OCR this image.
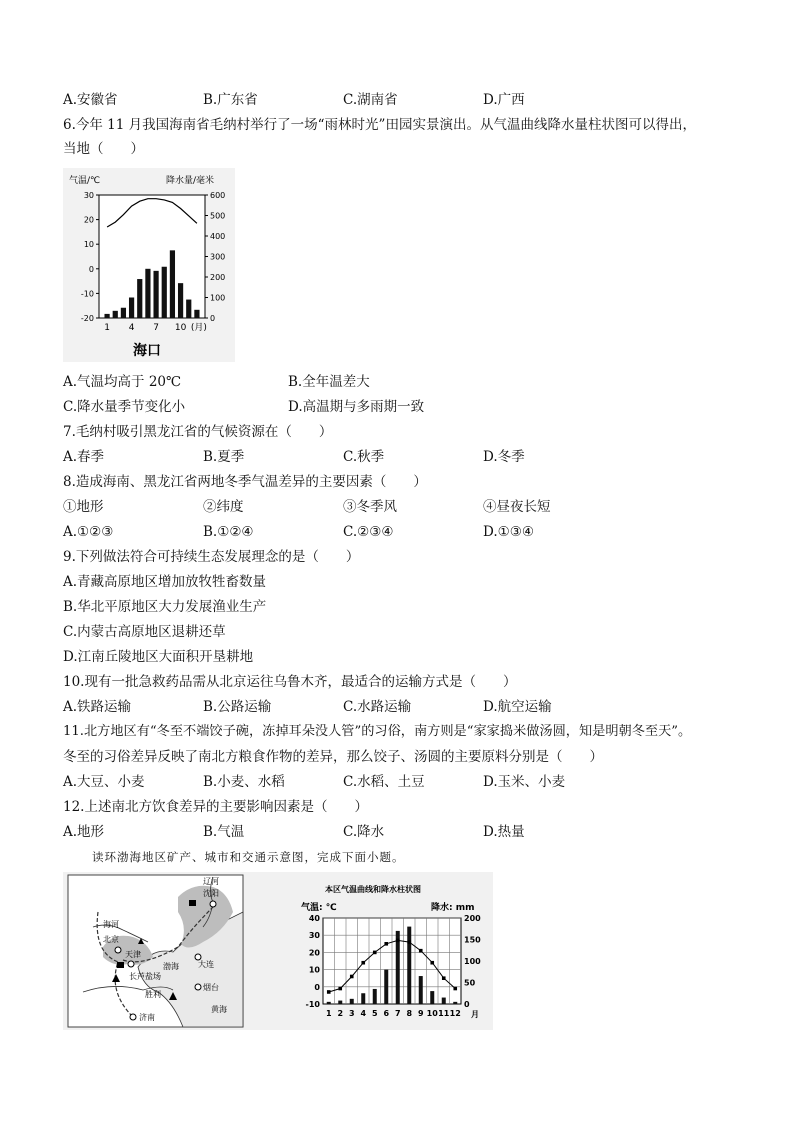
A.安徽省	B.广东省	C.湖南省	D.广西
6.今年 11 月我国海南省毛纳村举行了一场“雨林时光”田园实景演出。从气温曲线降水量柱状图可以得出，
当地（　　）
气温/℃	降水量/毫米
30
20
10
0
-10
-20
600
500
400
300
200
100
0
1 4 7 10 (月)
海口
A.气温均高于 20℃	B.全年温差大
C.降水量季节变化小	D.高温期与多雨期一致
7.毛纳村吸引黑龙江省的气候资源在（　　）
A.春季	B.夏季	C.秋季	D.冬季
8.造成海南、黑龙江省两地冬季气温差异的主要因素（　　）
①地形	②纬度	③冬季风	④昼夜长短
A.①②③	B.①②④	C.②③④	D.①③④
9.下列做法符合可持续生态发展理念的是（　　）
A.青藏高原地区增加放牧牲畜数量
B.华北平原地区大力发展渔业生产
C.内蒙古高原地区退耕还草
D.江南丘陵地区大面积开垦耕地
10.现有一批急救药品需从北京运往乌鲁木齐，最适合的运输方式是（　　）
A.铁路运输	B.公路运输	C.水路运输	D.航空运输
11.北方地区有“冬至不端饺子碗，冻掉耳朵没人管”的习俗，南方则是“家家捣米做汤圆，知是明朝冬至天”。
冬至的习俗差异反映了南北方粮食作物的差异，那么饺子、汤圆的主要原料分别是（　　）
A.大豆、小麦	B.小麦、水稻	C.水稻、土豆	D.玉米、小麦
12.上述南北方饮食差异的主要影响因素是（　　）
A.地形	B.气温	C.降水	D.热量
读环渤海地区矿产、城市和交通示意图，完成下面小题。
辽河
沈阳
海河
北京
天津
大连
渤海
长芦盐场
胜利
济南
烟台
黄海
本区气温曲线和降水柱状图
气温: ℃	降水: mm
40
30
20
10
0
-10
200
150
100
50
0
1 2 3 4 5 6 7 8 9 10 11 12 月
